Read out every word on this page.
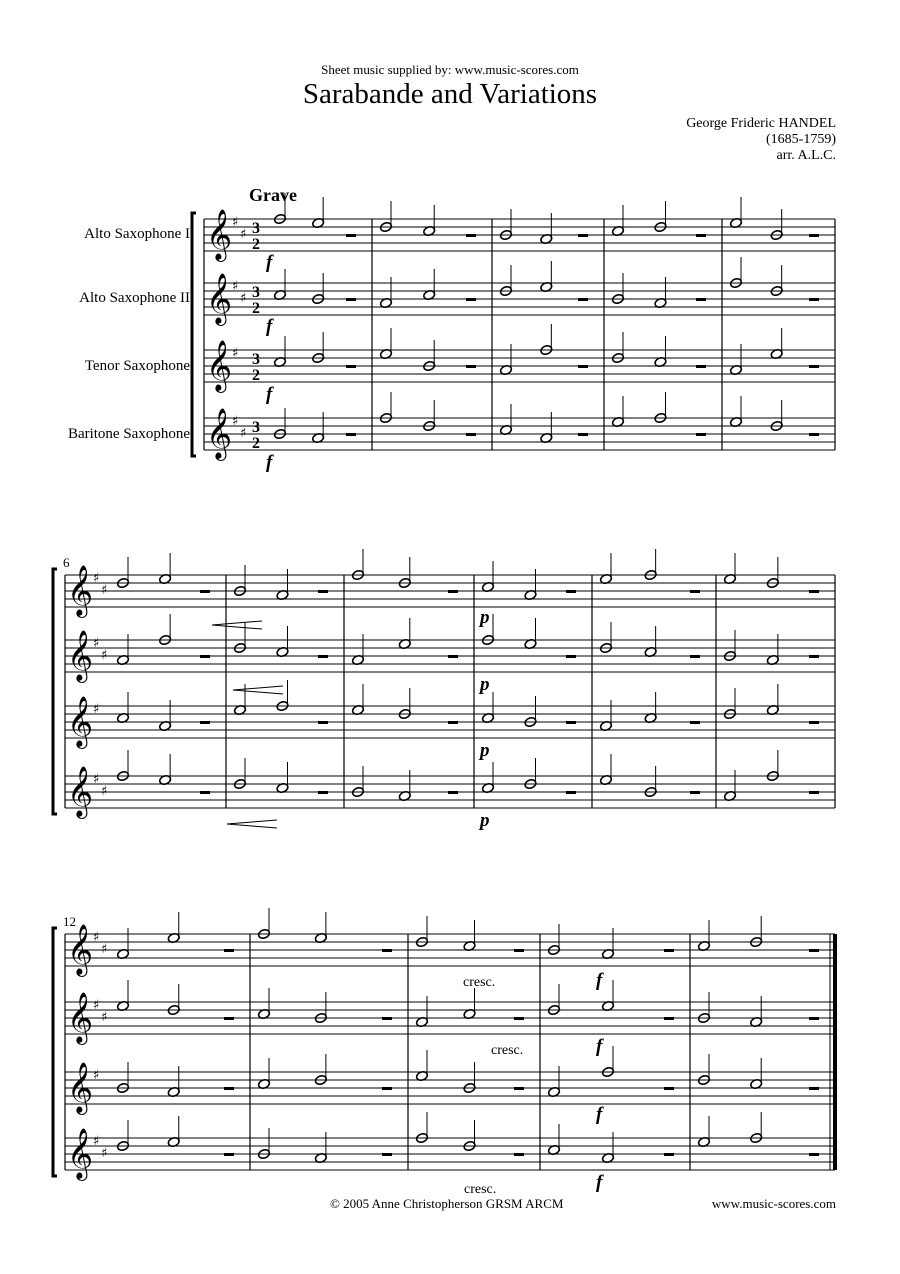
Sheet music supplied by: www.music-scores.com
Sarabande and Variations
George Frideric HANDEL
(1685-1759)
arr. A.L.C.
Grave
Alto Saxophone I
Alto Saxophone II
Tenor Saxophone
Baritone Saxophone
𝄞 ♯
♯ 3
2
𝄞 ♯
♯ 3
2
𝄞 ♯ 3
2
𝄞 ♯
♯ 3
2
6
𝄞 ♯
♯
𝄞 ♯
♯
𝄞 ♯
𝄞 ♯
♯
12
𝄞 ♯
♯
𝄞 ♯
♯
𝄞 ♯
𝄞 ♯
♯
f
f
f
f
p
p
p
p
f
f
f
f
cresc.
cresc.
cresc.
© 2005 Anne Christopherson GRSM ARCM	www.music-scores.com
